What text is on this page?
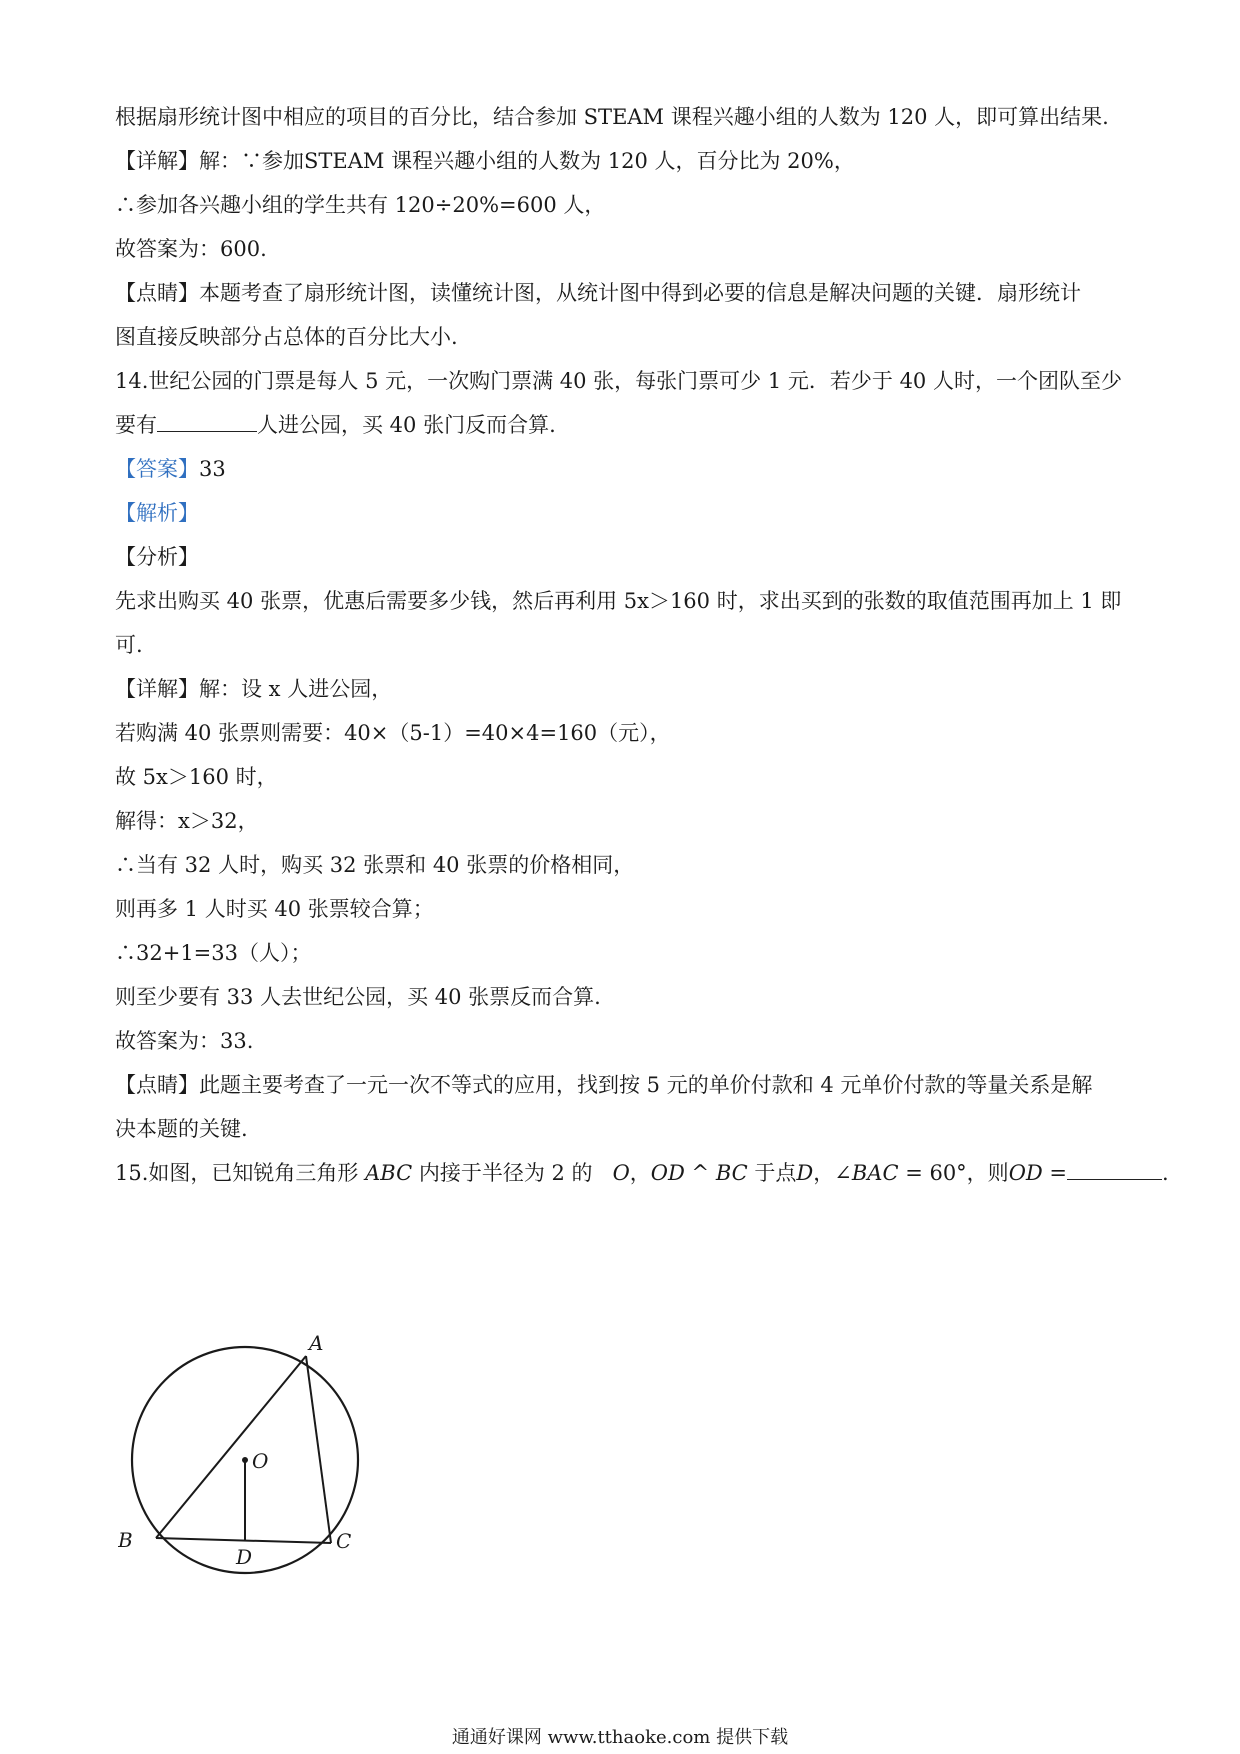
根据扇形统计图中相应的项目的百分比，结合参加 STEAM 课程兴趣小组的人数为 120 人，即可算出结果.
【详解】解：∵参加STEAM 课程兴趣小组的人数为 120 人，百分比为 20%，
∴参加各兴趣小组的学生共有 120÷20%=600 人，
故答案为：600.
【点睛】本题考查了扇形统计图，读懂统计图，从统计图中得到必要的信息是解决问题的关键．扇形统计
图直接反映部分占总体的百分比大小.
14.世纪公园的门票是每人 5 元，一次购门票满 40 张，每张门票可少 1 元．若少于 40 人时，一个团队至少
要有	人进公园，买 40 张门反而合算.
【答案】33
【解析】
【分析】
先求出购买 40 张票，优惠后需要多少钱，然后再利用 5x＞160 时，求出买到的张数的取值范围再加上 1 即
可.
【详解】解：设 x 人进公园，
若购满 40 张票则需要：40×（5-1）=40×4=160（元），
故 5x＞160 时，
解得：x＞32，
∴当有 32 人时，购买 32 张票和 40 张票的价格相同，
则再多 1 人时买 40 张票较合算；
∴32+1=33（人）；
则至少要有 33 人去世纪公园，买 40 张票反而合算.
故答案为：33.
【点睛】此题主要考查了一元一次不等式的应用，找到按 5 元的单价付款和 4 元单价付款的等量关系是解
决本题的关键.
15.如图，已知锐角三角形 ABC 内接于半径为 2 的 O，OD ^ BC 于点D，∠BAC = 60°，则OD =	.
A
B	C
D
O
通通好课网 www.tthaoke.com 提供下载
